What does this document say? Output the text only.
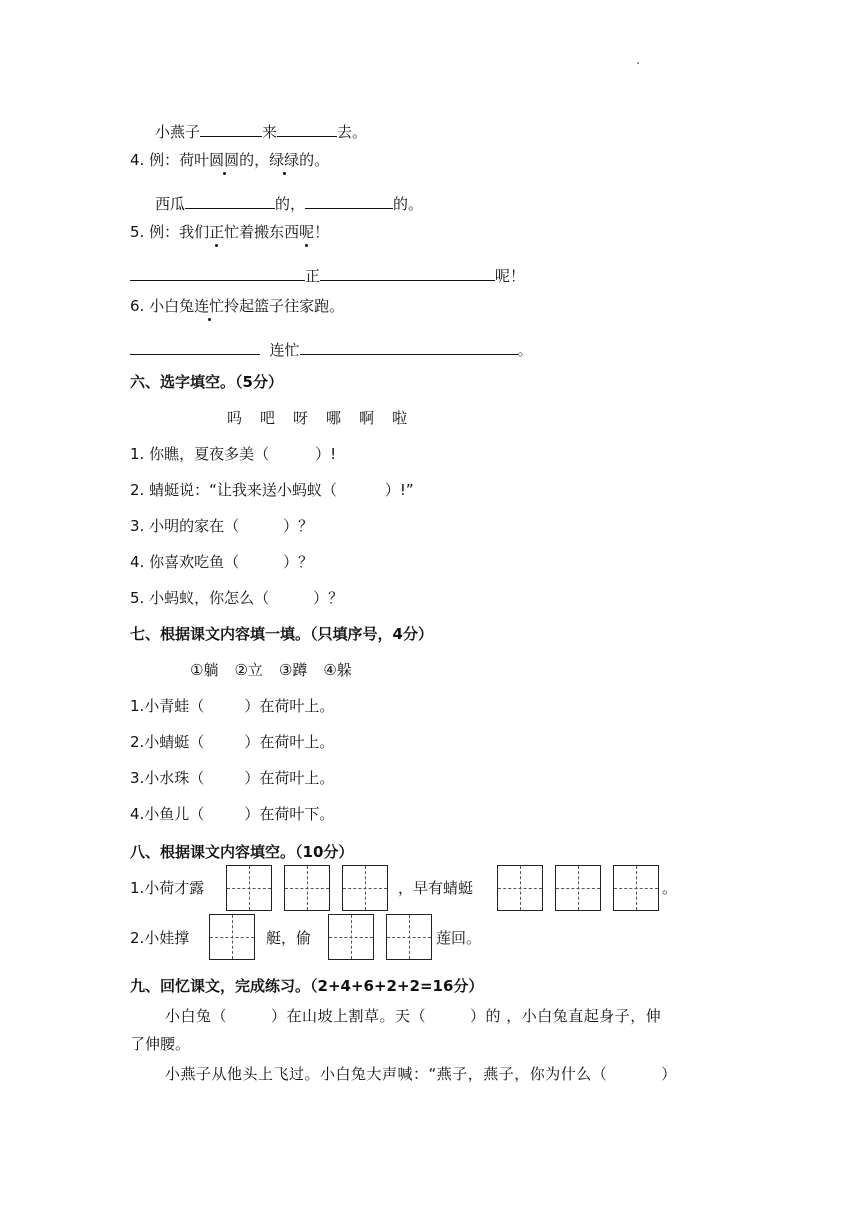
小燕子	来	去。
4. 例：荷叶圆圆的，绿绿的。
西瓜	的，	的。
5. 例：我们正忙着搬东西呢！
正	呢！
6. 小白兔连忙拎起篮子往家跑。
连忙	。
六、选字填空。（5分）
吗 吧 呀 哪 啊 啦
1. 你瞧，夏夜多美（	）!
2. 蜻蜓说：“让我来送小蚂蚁（	）!”
3. 小明的家在（	）？
4. 你喜欢吃鱼（	）？
5. 小蚂蚁，你怎么（	）？
七、根据课文内容填一填。（只填序号，4分）
①躺 ②立 ③蹲 ④躲
1.小青蛙（	）在荷叶上。
2.小蜻蜓（	）在荷叶上。
3.小水珠（	）在荷叶上。
4.小鱼儿（	）在荷叶下。
八、根据课文内容填空。（10分）
1.小荷才露	，早有蜻蜓	。
2.小娃撑	艇，偷	莲回。
九、回忆课文，完成练习。（2+4+6+2+2=16分）
小白兔（	）在山坡上割草。天（	）的 ，小白兔直起身子，伸
了伸腰。
小燕子从他头上飞过。小白兔大声喊：“燕子，燕子，你为什么（	）
